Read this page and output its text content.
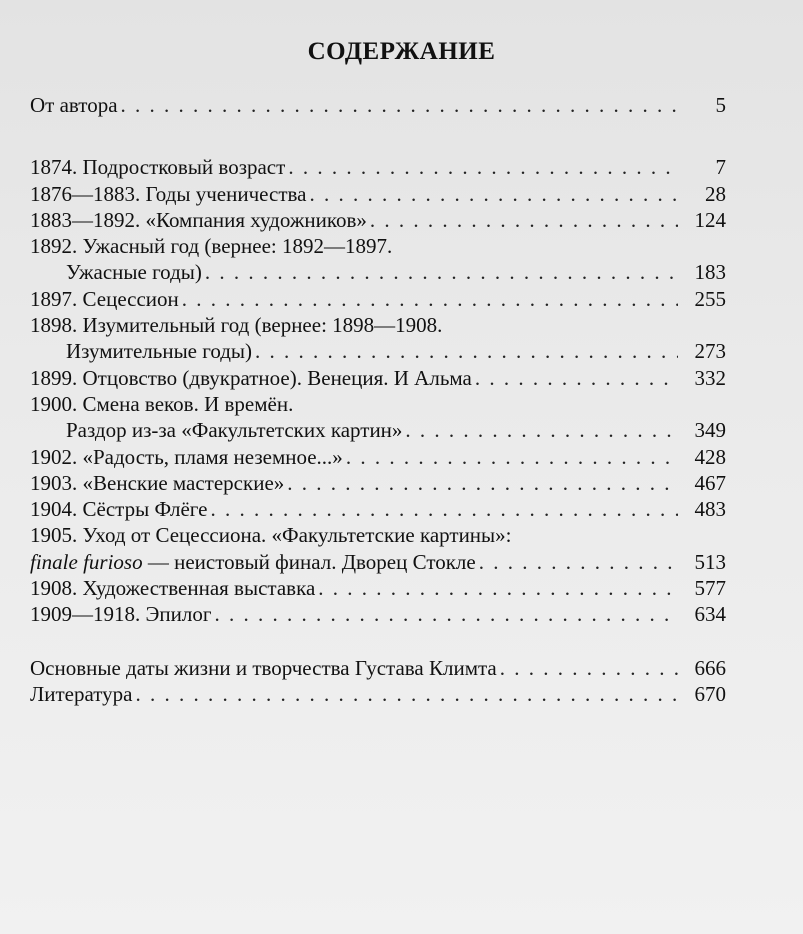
СОДЕРЖАНИЕ
От автора . . .	5
1874. Подростковый возраст . . .	7
1876—1883. Годы ученичества . . .	28
1883—1892. «Компания художников» . . .	124
1892. Ужасный год (вернее: 1892—1897.
Ужасные годы) . . .	183
1897. Сецессион . . .	255
1898. Изумительный год (вернее: 1898—1908.
Изумительные годы) . . .	273
1899. Отцовство (двукратное). Венеция. И Альма . . .	332
1900. Смена веков. И времён.
Раздор из-за «Факультетских картин» . . .	349
1902. «Радость, пламя неземное...» . . .	428
1903. «Венские мастерские» . . .	467
1904. Сёстры Флёге . . .	483
1905. Уход от Сецессиона. «Факультетские картины»:
finale furioso — неистовый финал. Дворец Стокле . . .	513
1908. Художественная выставка . . .	577
1909—1918. Эпилог . . .	634
Основные даты жизни и творчества Густава Климта . . .	666
Литература . . .	670
